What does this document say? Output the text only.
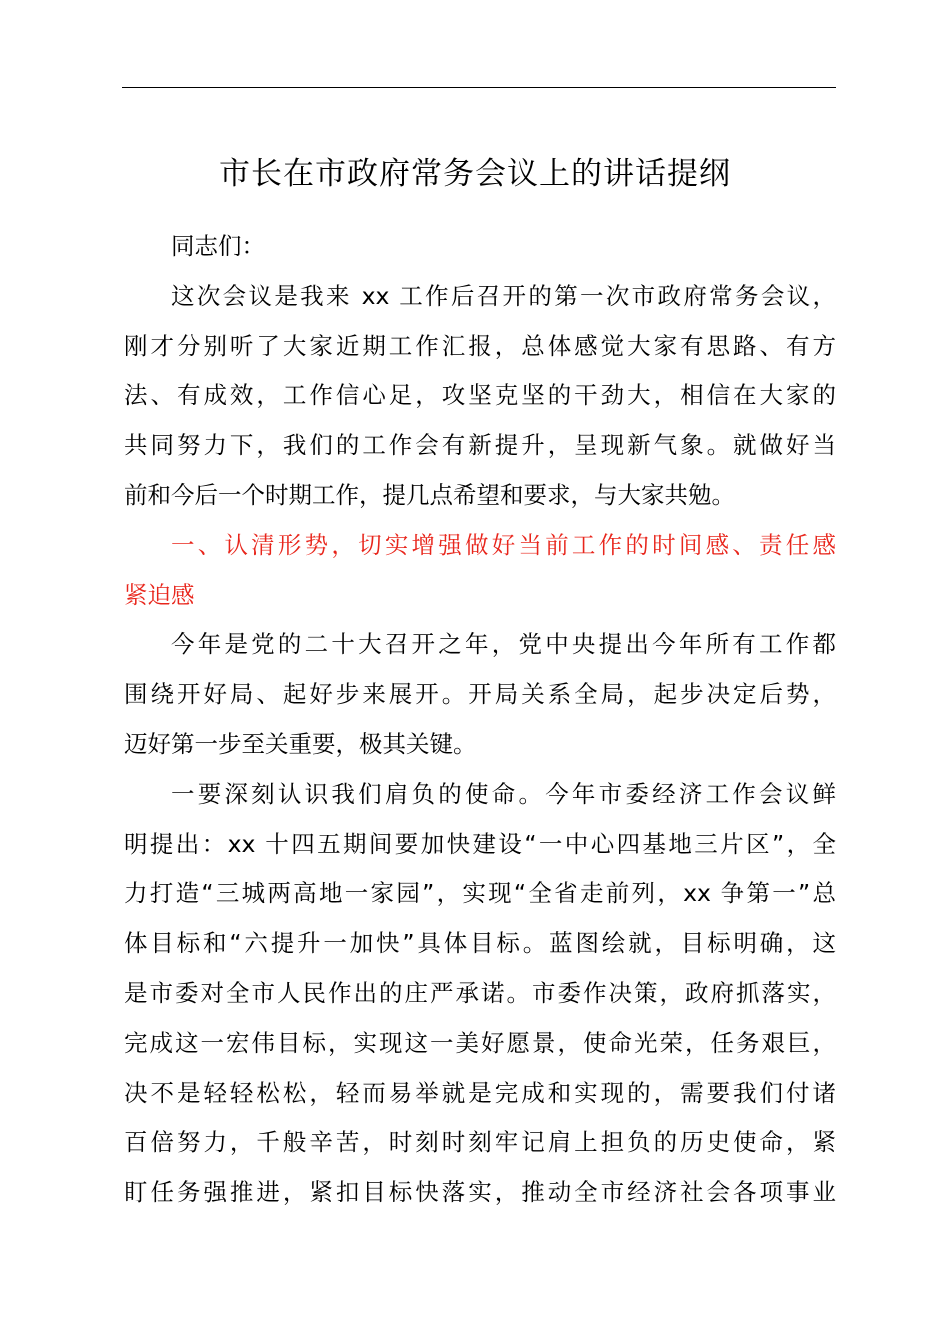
市长在市政府常务会议上的讲话提纲
同志们：
这次会议是我来 xx 工作后召开的第一次市政府常务会议，
刚才分别听了大家近期工作汇报，总体感觉大家有思路、有方
法、有成效，工作信心足，攻坚克坚的干劲大，相信在大家的
共同努力下，我们的工作会有新提升，呈现新气象。就做好当
前和今后一个时期工作，提几点希望和要求，与大家共勉。
一、认清形势，切实增强做好当前工作的时间感、责任感
紧迫感
今年是党的二十大召开之年，党中央提出今年所有工作都
围绕开好局、起好步来展开。开局关系全局，起步决定后势，
迈好第一步至关重要，极其关键。
一要深刻认识我们肩负的使命。今年市委经济工作会议鲜
明提出：xx 十四五期间要加快建设“一中心四基地三片区”，全
力打造“三城两高地一家园”，实现“全省走前列，xx 争第一”总
体目标和“六提升一加快”具体目标。蓝图绘就，目标明确，这
是市委对全市人民作出的庄严承诺。市委作决策，政府抓落实，
完成这一宏伟目标，实现这一美好愿景，使命光荣，任务艰巨，
决不是轻轻松松，轻而易举就是完成和实现的，需要我们付诸
百倍努力，千般辛苦，时刻时刻牢记肩上担负的历史使命，紧
盯任务强推进，紧扣目标快落实，推动全市经济社会各项事业
